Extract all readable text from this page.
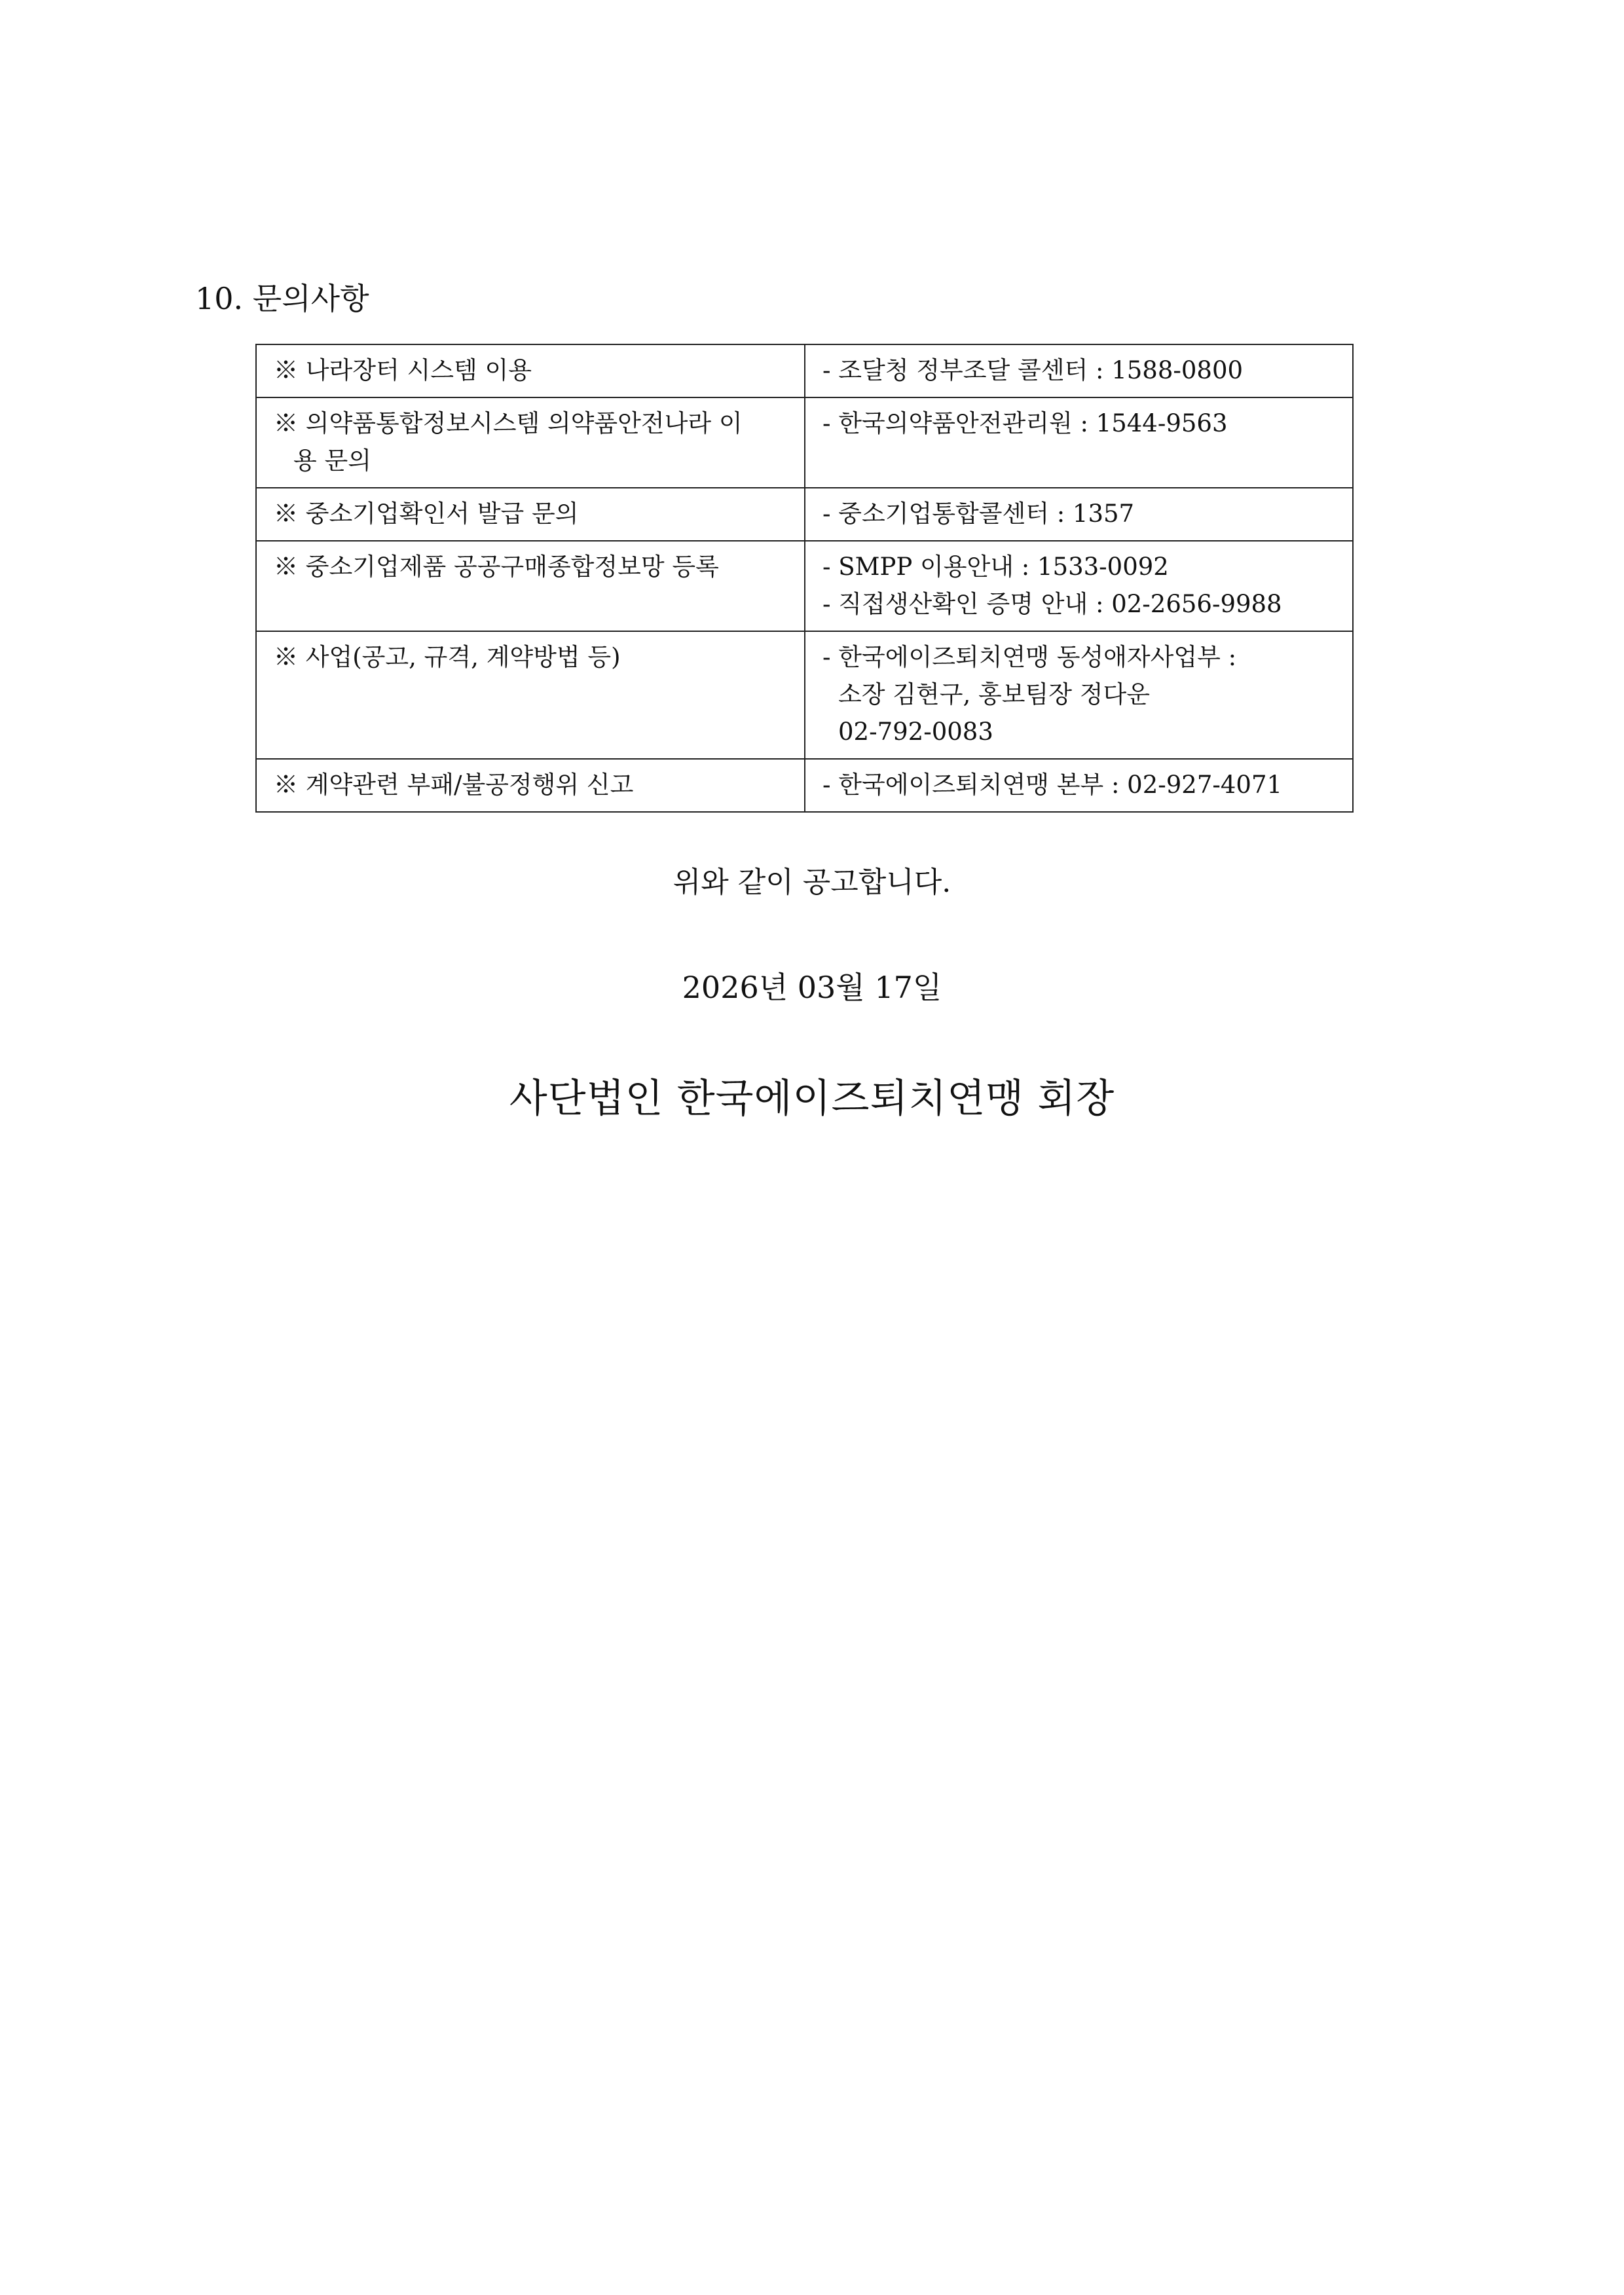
10. 문의사항
※ 나라장터 시스템 이용	- 조달청 정부조달 콜센터 : 1588-0800

※ 의약품통합정보시스템 의약품안전나라 이
용 문의	- 한국의약품안전관리원 : 1544-9563

※ 중소기업확인서 발급 문의	- 중소기업통합콜센터 : 1357

※ 중소기업제품 공공구매종합정보망 등록	- SMPP 이용안내 : 1533-0092
- 직접생산확인 증명 안내 : 02-2656-9988

※ 사업(공고, 규격, 계약방법 등)	- 한국에이즈퇴치연맹 동성애자사업부 :
소장 김현구, 홍보팀장 정다운
02-792-0083

※ 계약관련 부패/불공정행위 신고	- 한국에이즈퇴치연맹 본부 : 02-927-4071
위와 같이 공고합니다.
2026년 03월 17일
사단법인 한국에이즈퇴치연맹 회장
